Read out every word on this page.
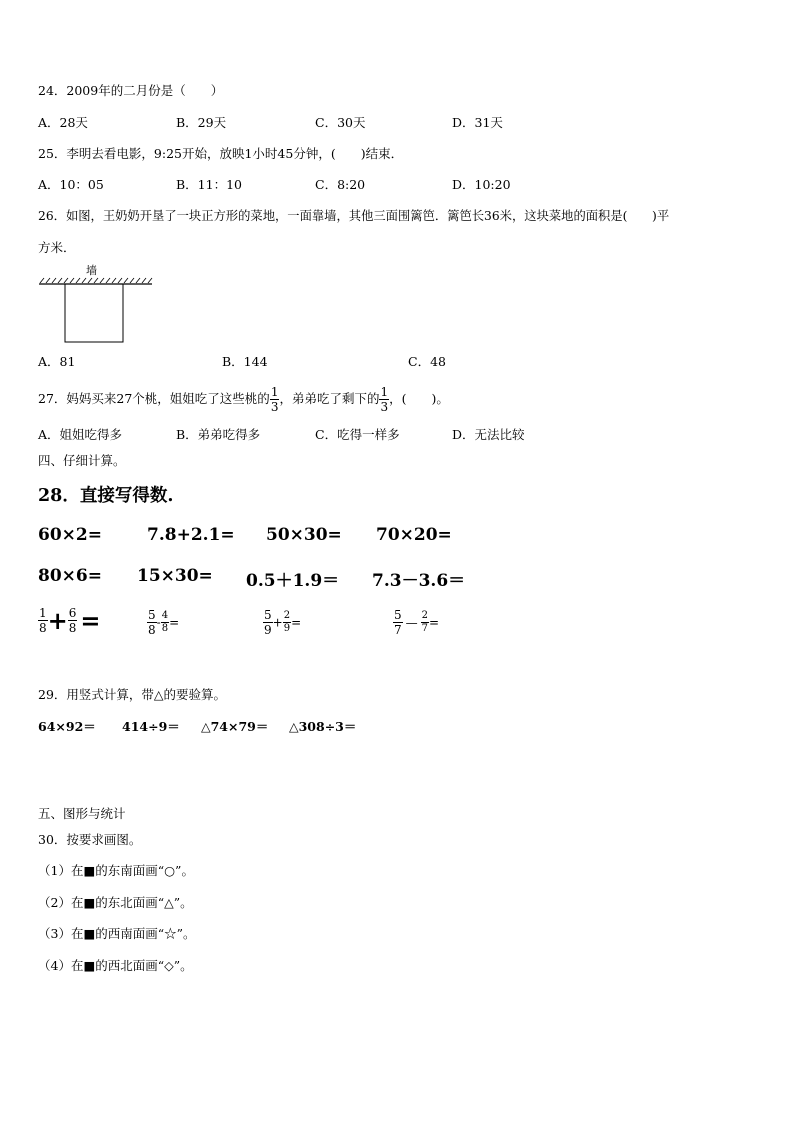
24．2009年的二月份是（　　）
A．28天	B．29天	C．30天	D．31天
25．李明去看电影，9:25开始，放映1小时45分钟，(　　)结束．
A．10：05	B．11：10	C．8:20	D．10:20
26．如图，王奶奶开垦了一块正方形的菜地，一面靠墙，其他三面围篱笆．篱笆长36米，这块菜地的面积是(　　)平
方米．
墙
A．81	B．144	C．48
27．妈妈买来27个桃，姐姐吃了这些桃的 $\frac{1}{3}$ ，弟弟吃了剩下的 $\frac{1}{3}$ ，(　　)。
A．姐姐吃得多	B．弟弟吃得多	C．吃得一样多	D．无法比较
四、仔细计算。
28．直接写得数.
60×2=	7.8+2.1= 50×30= 70×20=
80×6= 15×30= 0.5＋1.9＝ 7.3－3.6＝
$\frac{1}{8} + \frac{6}{8}$ =	$\frac{5}{8} - \frac{4}{8}$ =	$\frac{5}{9} + \frac{2}{9}$ =	$\frac{5}{7}$ — $\frac{2}{7}$ =
29．用竖式计算，带△的要验算。
64×92＝ 414÷9＝ △74×79＝ △308÷3＝
五、图形与统计
30．按要求画图。
（1）在■的东南面画“○”。
（2）在■的东北面画“△”。
（3）在■的西南面画“☆”。
（4）在■的西北面画“◇”。
